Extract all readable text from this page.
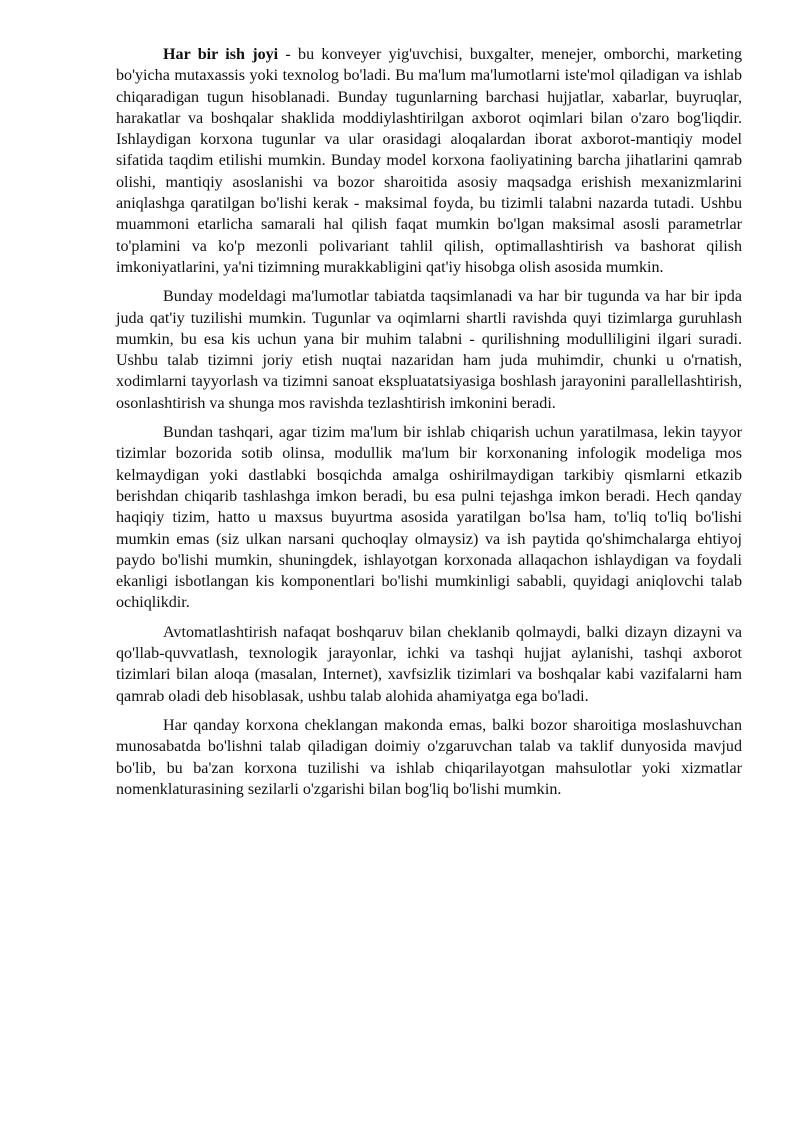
Har bir ish joyi - bu konveyer yig'uvchisi, buxgalter, menejer, omborchi, marketing bo'yicha mutaxassis yoki texnolog bo'ladi. Bu ma'lum ma'lumotlarni iste'mol qiladigan va ishlab chiqaradigan tugun hisoblanadi. Bunday tugunlarning barchasi hujjatlar, xabarlar, buyruqlar, harakatlar va boshqalar shaklida moddiylashtirilgan axborot oqimlari bilan o'zaro bog'liqdir. Ishlaydigan korxona tugunlar va ular orasidagi aloqalardan iborat axborot-mantiqiy model sifatida taqdim etilishi mumkin. Bunday model korxona faoliyatining barcha jihatlarini qamrab olishi, mantiqiy asoslanishi va bozor sharoitida asosiy maqsadga erishish mexanizmlarini aniqlashga qaratilgan bo'lishi kerak - maksimal foyda, bu tizimli talabni nazarda tutadi. Ushbu muammoni etarlicha samarali hal qilish faqat mumkin bo'lgan maksimal asosli parametrlar to'plamini va ko'p mezonli polivariant tahlil qilish, optimallashtirish va bashorat qilish imkoniyatlarini, ya'ni tizimning murakkabligini qat'iy hisobga olish asosida mumkin.

Bunday modeldagi ma'lumotlar tabiatda taqsimlanadi va har bir tugunda va har bir ipda juda qat'iy tuzilishi mumkin. Tugunlar va oqimlarni shartli ravishda quyi tizimlarga guruhlash mumkin, bu esa kis uchun yana bir muhim talabni - qurilishning modulliligini ilgari suradi. Ushbu talab tizimni joriy etish nuqtai nazaridan ham juda muhimdir, chunki u o'rnatish, xodimlarni tayyorlash va tizimni sanoat ekspluatatsiyasiga boshlash jarayonini parallellashtirish, osonlashtirish va shunga mos ravishda tezlashtirish imkonini beradi.

Bundan tashqari, agar tizim ma'lum bir ishlab chiqarish uchun yaratilmasa, lekin tayyor tizimlar bozorida sotib olinsa, modullik ma'lum bir korxonaning infologik modeliga mos kelmaydigan yoki dastlabki bosqichda amalga oshirilmaydigan tarkibiy qismlarni etkazib berishdan chiqarib tashlashga imkon beradi, bu esa pulni tejashga imkon beradi. Hech qanday haqiqiy tizim, hatto u maxsus buyurtma asosida yaratilgan bo'lsa ham, to'liq to'liq bo'lishi mumkin emas (siz ulkan narsani quchoqlay olmaysiz) va ish paytida qo'shimchalarga ehtiyoj paydo bo'lishi mumkin, shuningdek, ishlayotgan korxonada allaqachon ishlaydigan va foydali ekanligi isbotlangan kis komponentlari bo'lishi mumkinligi sababli, quyidagi aniqlovchi talab ochiqlikdir.

Avtomatlashtirish nafaqat boshqaruv bilan cheklanib qolmaydi, balki dizayn dizayni va qo'llab-quvvatlash, texnologik jarayonlar, ichki va tashqi hujjat aylanishi, tashqi axborot tizimlari bilan aloqa (masalan, Internet), xavfsizlik tizimlari va boshqalar kabi vazifalarni ham qamrab oladi deb hisoblasak, ushbu talab alohida ahamiyatga ega bo'ladi.

Har qanday korxona cheklangan makonda emas, balki bozor sharoitiga moslashuvchan munosabatda bo'lishni talab qiladigan doimiy o'zgaruvchan talab va taklif dunyosida mavjud bo'lib, bu ba'zan korxona tuzilishi va ishlab chiqarilayotgan mahsulotlar yoki xizmatlar nomenklaturasining sezilarli o'zgarishi bilan bog'liq bo'lishi mumkin.
